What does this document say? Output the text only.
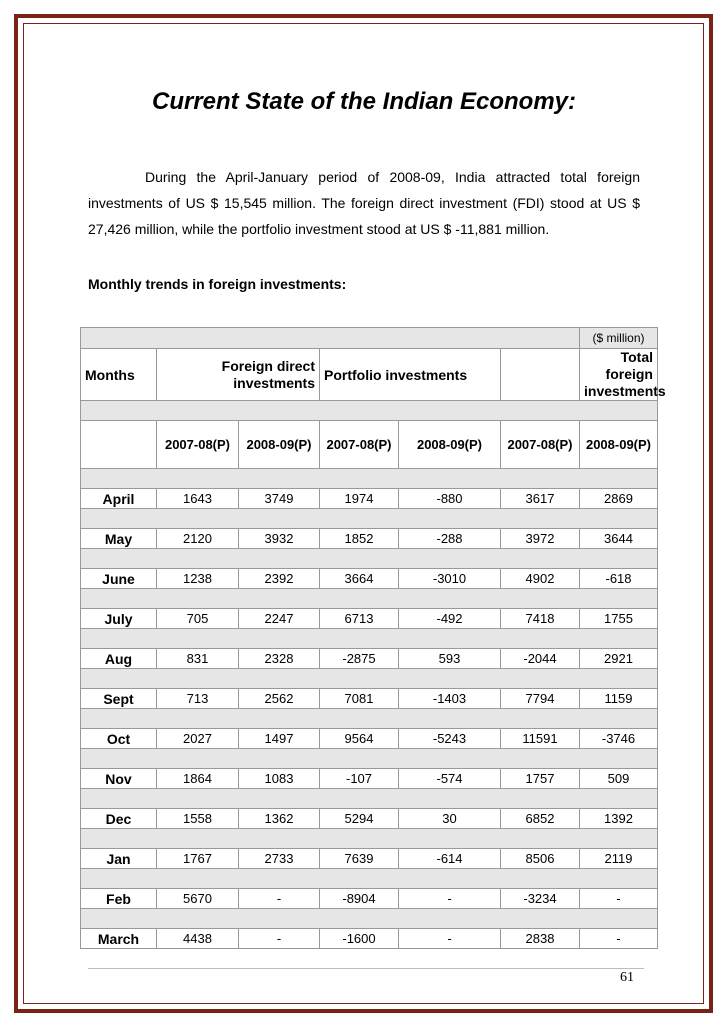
Current State of the Indian Economy:
During the April-January period of 2008-09, India attracted total foreign investments of US $ 15,545 million. The foreign direct investment (FDI) stood at US $ 27,426 million, while the portfolio investment stood at US $ -11,881 million.
Monthly trends in foreign investments:
						($ million)
Months	Foreign direct investments		Portfolio investments			Total foreign investments

	2007-08(P)	2008-09(P)	2007-08(P)	2008-09(P)	2007-08(P)	2008-09(P)

April	1643	3749	1974	-880	3617	2869

May	2120	3932	1852	-288	3972	3644

June	1238	2392	3664	-3010	4902	-618

July	705	2247	6713	-492	7418	1755

Aug	831	2328	-2875	593	-2044	2921

Sept	713	2562	7081	-1403	7794	1159

Oct	2027	1497	9564	-5243	11591	-3746

Nov	1864	1083	-107	-574	1757	509

Dec	1558	1362	5294	30	6852	1392

Jan	1767	2733	7639	-614	8506	2119

Feb	5670	-	-8904	-	-3234	-

March	4438	-	-1600	-	2838	-
61
